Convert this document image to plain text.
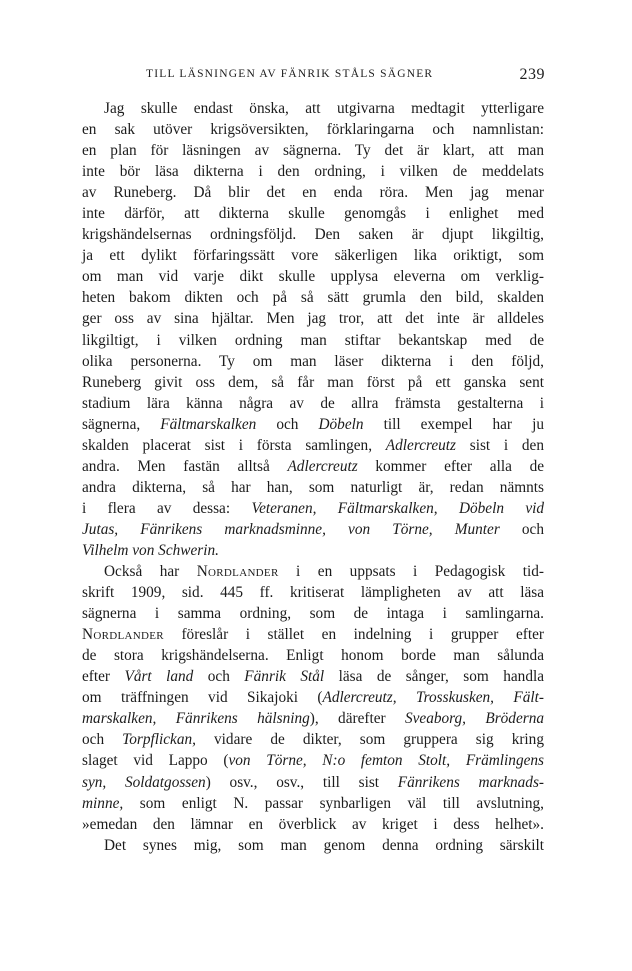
TILL LÄSNINGEN AV FÄNRIK STÅLS SÄGNER	239
Jag skulle endast önska, att utgivarna medtagit ytterligare
en sak utöver krigsöversikten, förklaringarna och namnlistan:
en plan för läsningen av sägnerna. Ty det är klart, att man
inte bör läsa dikterna i den ordning, i vilken de meddelats
av Runeberg. Då blir det en enda röra. Men jag menar
inte därför, att dikterna skulle genomgås i enlighet med
krigshändelsernas ordningsföljd. Den saken är djupt likgiltig,
ja ett dylikt förfaringssätt vore säkerligen lika oriktigt, som
om man vid varje dikt skulle upplysa eleverna om verklig-
heten bakom dikten och på så sätt grumla den bild, skalden
ger oss av sina hjältar. Men jag tror, att det inte är alldeles
likgiltigt, i vilken ordning man stiftar bekantskap med de
olika personerna. Ty om man läser dikterna i den följd,
Runeberg givit oss dem, så får man först på ett ganska sent
stadium lära känna några av de allra främsta gestalterna i
sägnerna, Fältmarskalken och Döbeln till exempel har ju
skalden placerat sist i första samlingen, Adlercreutz sist i den
andra. Men fastän alltså Adlercreutz kommer efter alla de
andra dikterna, så har han, som naturligt är, redan nämnts
i flera av dessa: Veteranen, Fältmarskalken, Döbeln vid
Jutas, Fänrikens marknadsminne, von Törne, Munter och
Vilhelm von Schwerin.
Också har Nordlander i en uppsats i Pedagogisk tid-
skrift 1909, sid. 445 ff. kritiserat lämpligheten av att läsa
sägnerna i samma ordning, som de intaga i samlingarna.
Nordlander föreslår i stället en indelning i grupper efter
de stora krigshändelserna. Enligt honom borde man sålunda
efter Vårt land och Fänrik Stål läsa de sånger, som handla
om träffningen vid Sikajoki (Adlercreutz, Trosskusken, Fält-
marskalken, Fänrikens hälsning), därefter Sveaborg, Bröderna
och Torpflickan, vidare de dikter, som gruppera sig kring
slaget vid Lappo (von Törne, N:o femton Stolt, Främlingens
syn, Soldatgossen) osv., osv., till sist Fänrikens marknads-
minne, som enligt N. passar synbarligen väl till avslutning,
»emedan den lämnar en överblick av kriget i dess helhet».
Det synes mig, som man genom denna ordning särskilt
